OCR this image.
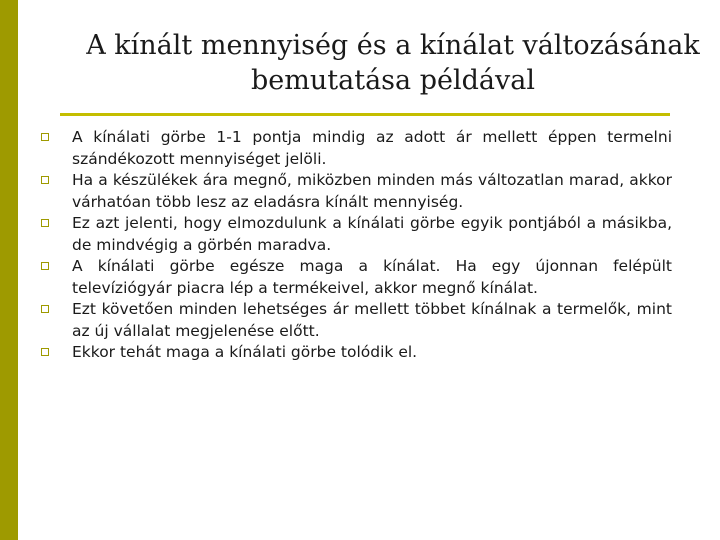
A kínált mennyiség és a kínálat változásának
bemutatása példával
A kínálati görbe 1-1 pontja mindig az adott ár mellett éppen termelni szándékozott mennyiséget jelöli.
Ha a készülékek ára megnő, miközben minden más változatlan marad, akkor várhatóan több lesz az eladásra kínált mennyiség.
Ez azt jelenti, hogy elmozdulunk a kínálati görbe egyik pontjából a másikba, de mindvégig a görbén maradva.
A kínálati görbe egésze maga a kínálat. Ha egy újonnan felépült televíziógyár piacra lép a termékeivel, akkor megnő kínálat.
Ezt követően minden lehetséges ár mellett többet kínálnak a termelők, mint az új vállalat megjelenése előtt.
Ekkor tehát maga a kínálati görbe tolódik el.
